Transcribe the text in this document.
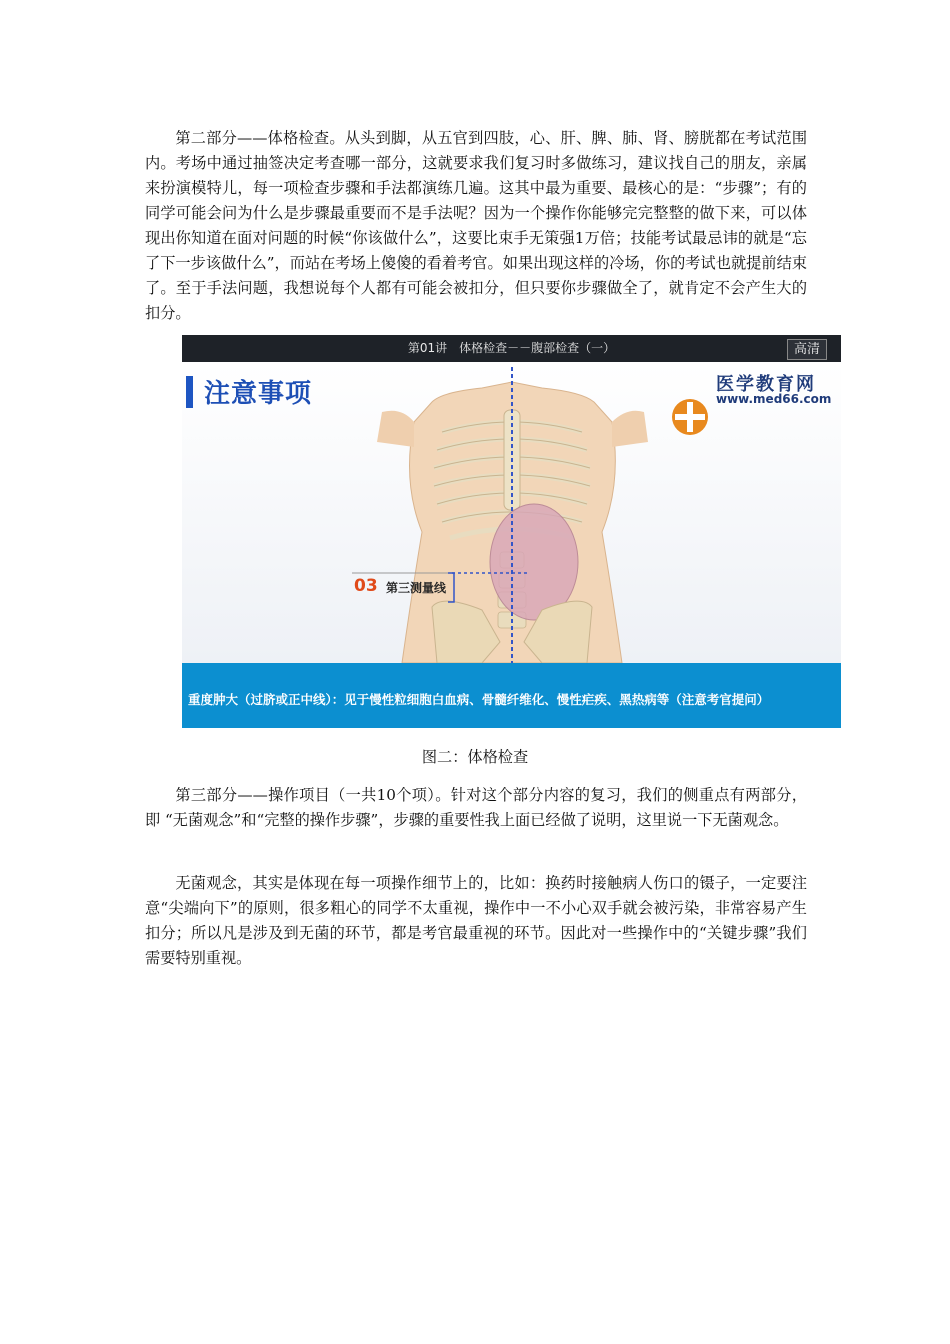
第二部分——体格检查。从头到脚，从五官到四肢，心、肝、脾、肺、肾、膀胱都在考试范围内。考场中通过抽签决定考查哪一部分，这就要求我们复习时多做练习，建议找自己的朋友，亲属来扮演模特儿，每一项检查步骤和手法都演练几遍。这其中最为重要、最核心的是：“步骤”；有的同学可能会问为什么是步骤最重要而不是手法呢？因为一个操作你能够完完整整的做下来，可以体现出你知道在面对问题的时候“你该做什么”，这要比束手无策强1万倍；技能考试最忌讳的就是“忘了下一步该做什么”，而站在考场上傻傻的看着考官。如果出现这样的冷场，你的考试也就提前结束了。至于手法问题，我想说每个人都有可能会被扣分，但只要你步骤做全了，就肯定不会产生大的扣分。

第01讲　体格检查－－腹部检查（一）	高清
注意事项	医学教育网
www.med66.com
03 第三测量线
重度肿大（过脐或正中线）：见于慢性粒细胞白血病、骨髓纤维化、慢性疟疾、黑热病等（注意考官提问）
图二：体格检查

第三部分——操作项目（一共10个项）。针对这个部分内容的复习，我们的侧重点有两部分，即 “无菌观念”和“完整的操作步骤”，步骤的重要性我上面已经做了说明，这里说一下无菌观念。

无菌观念，其实是体现在每一项操作细节上的，比如：换药时接触病人伤口的镊子，一定要注意“尖端向下”的原则，很多粗心的同学不太重视，操作中一不小心双手就会被污染，非常容易产生扣分；所以凡是涉及到无菌的环节，都是考官最重视的环节。因此对一些操作中的“关键步骤”我们需要特别重视。
